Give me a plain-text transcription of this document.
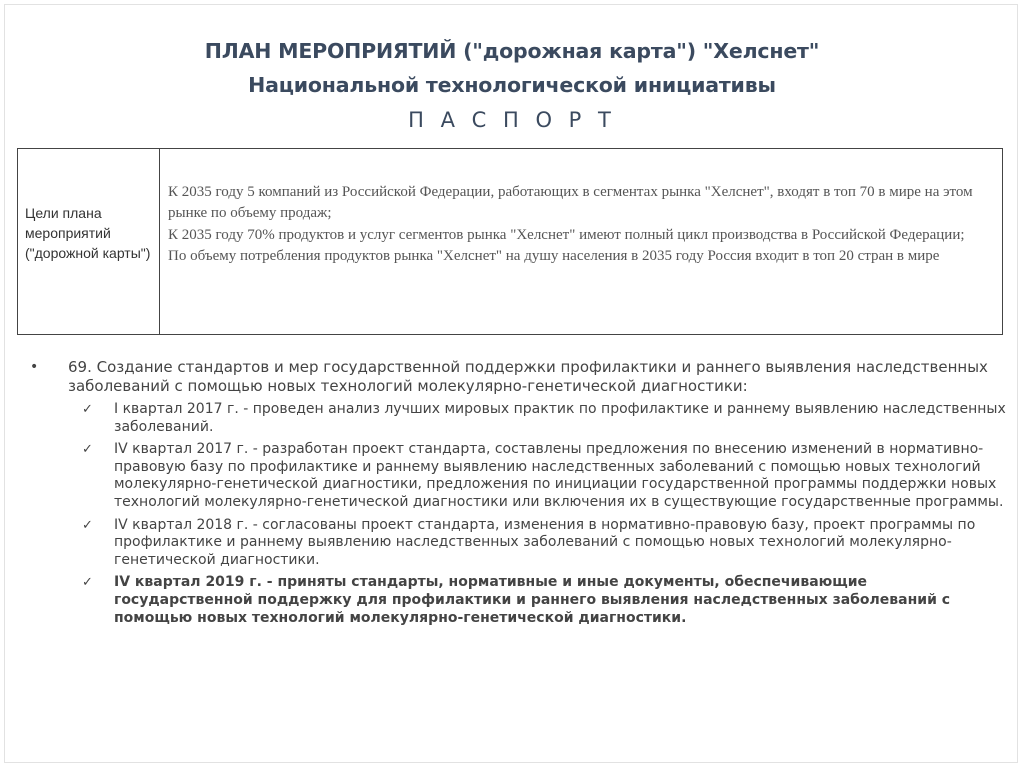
ПЛАН МЕРОПРИЯТИЙ ("дорожная карта") "Хелснет"
Национальной технологической инициативы
П А С П О Р Т
Цели плана мероприятий ("дорожной карты")

К 2035 году 5 компаний из Российской Федерации, работающих в сегментах рынка "Хелснет", входят в топ 70 в мире на этом рынке по объему продаж;

К 2035 году 70% продуктов и услуг сегментов рынка "Хелснет" имеют полный цикл производства в Российской Федерации;

По объему потребления продуктов рынка "Хелснет" на душу населения в 2035 году Россия входит в топ 20 стран в мире

• 69. Создание стандартов и мер государственной поддержки профилактики и раннего выявления наследственных заболеваний с помощью новых технологий молекулярно-генетической диагностики:
✓ I квартал 2017 г. - проведен анализ лучших мировых практик по профилактике и раннему выявлению наследственных заболеваний.
✓ IV квартал 2017 г. - разработан проект стандарта, составлены предложения по внесению изменений в нормативно-правовую базу по профилактике и раннему выявлению наследственных заболеваний с помощью новых технологий молекулярно-генетической диагностики, предложения по инициации государственной программы поддержки новых технологий молекулярно-генетической диагностики или включения их в существующие государственные программы.
✓ IV квартал 2018 г. - согласованы проект стандарта, изменения в нормативно-правовую базу, проект программы по профилактике и раннему выявлению наследственных заболеваний с помощью новых технологий молекулярно-генетической диагностики.
✓ IV квартал 2019 г. - приняты стандарты, нормативные и иные документы, обеспечивающие государственной поддержку для профилактики и раннего выявления наследственных заболеваний с помощью новых технологий молекулярно-генетической диагностики.
